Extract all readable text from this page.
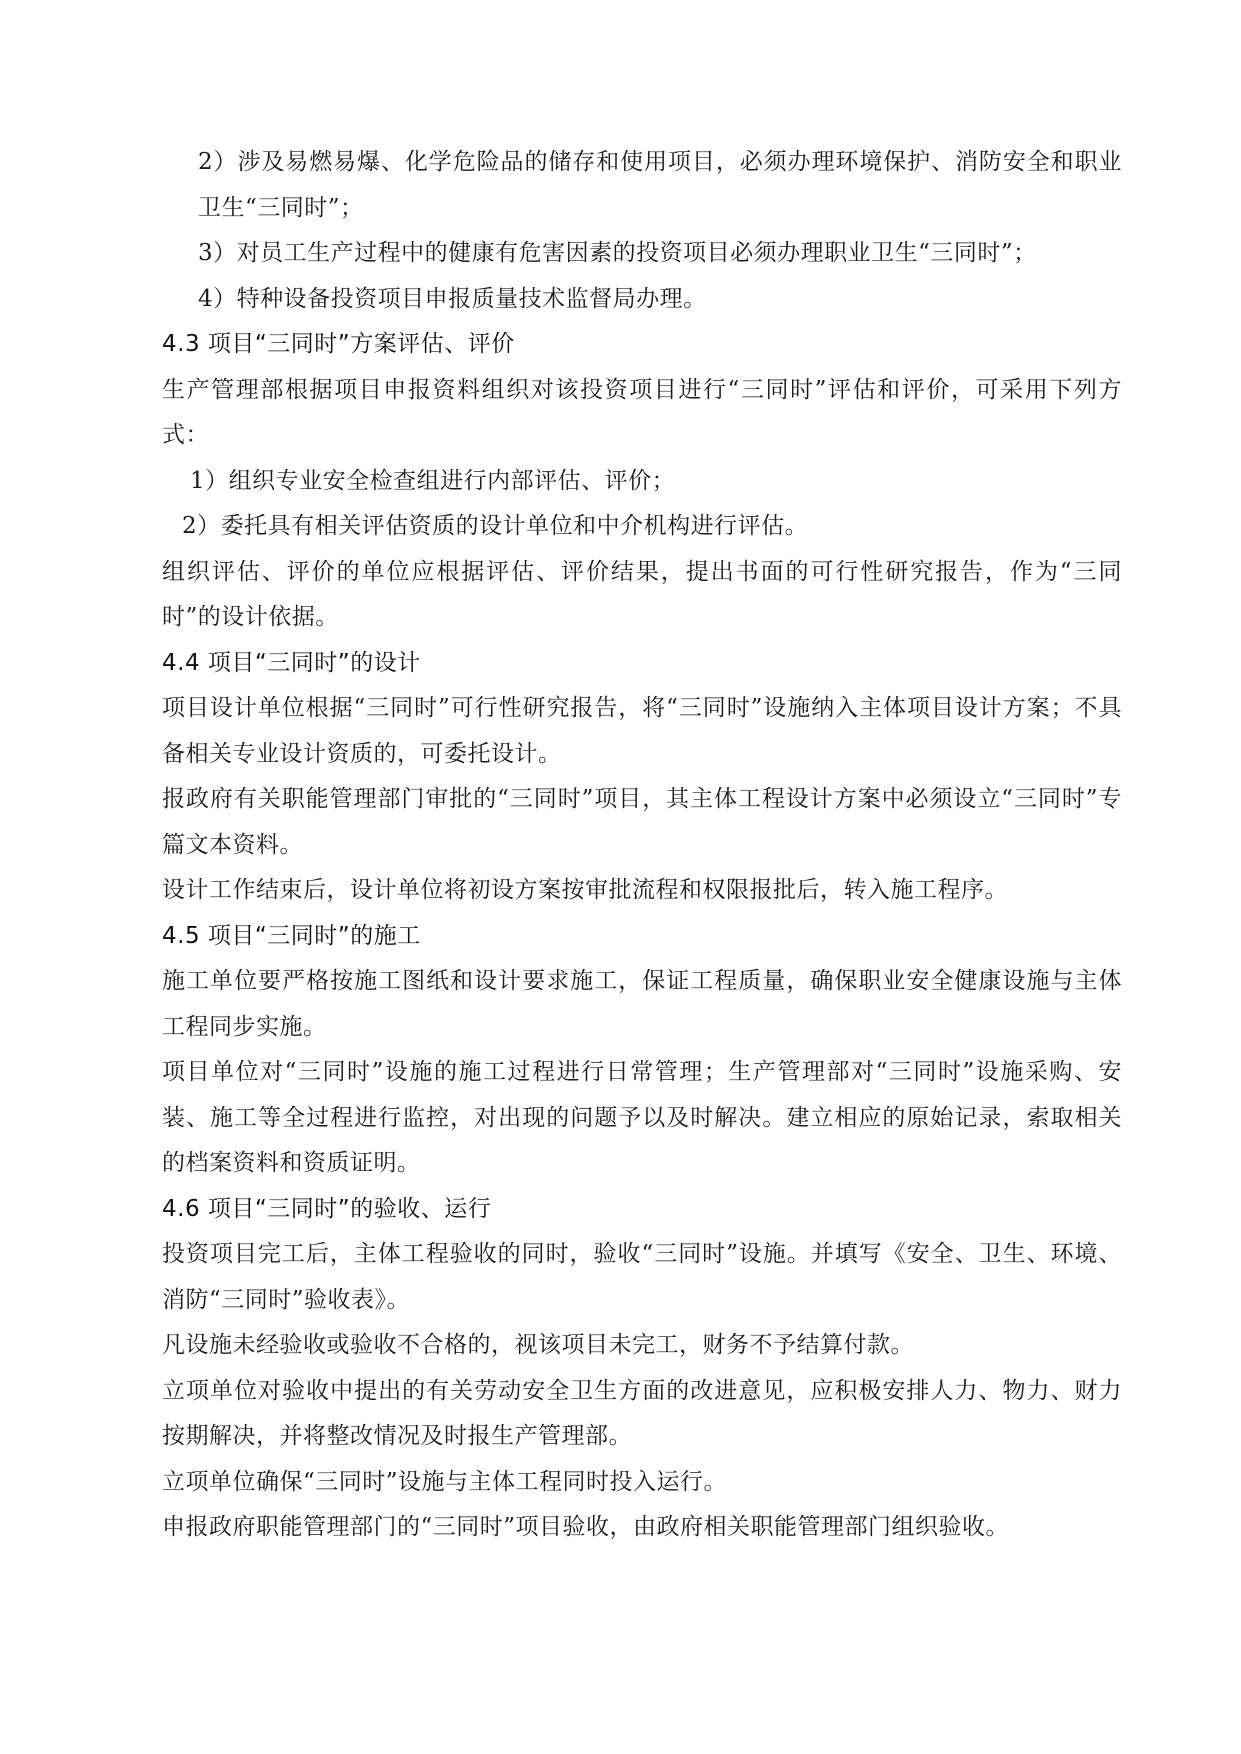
2）涉及易燃易爆、化学危险品的储存和使用项目，必须办理环境保护、消防安全和职业卫生“三同时”；

3）对员工生产过程中的健康有危害因素的投资项目必须办理职业卫生“三同时”；

4）特种设备投资项目申报质量技术监督局办理。

4.3 项目“三同时”方案评估、评价

生产管理部根据项目申报资料组织对该投资项目进行“三同时”评估和评价，可采用下列方式：

1）组织专业安全检查组进行内部评估、评价；

2）委托具有相关评估资质的设计单位和中介机构进行评估。

组织评估、评价的单位应根据评估、评价结果，提出书面的可行性研究报告，作为“三同时”的设计依据。

4.4 项目“三同时”的设计

项目设计单位根据“三同时”可行性研究报告，将“三同时”设施纳入主体项目设计方案；不具备相关专业设计资质的，可委托设计。

报政府有关职能管理部门审批的“三同时”项目，其主体工程设计方案中必须设立“三同时”专篇文本资料。

设计工作结束后，设计单位将初设方案按审批流程和权限报批后，转入施工程序。

4.5 项目“三同时”的施工

施工单位要严格按施工图纸和设计要求施工，保证工程质量，确保职业安全健康设施与主体工程同步实施。

项目单位对“三同时”设施的施工过程进行日常管理；生产管理部对“三同时”设施采购、安装、施工等全过程进行监控，对出现的问题予以及时解决。建立相应的原始记录，索取相关的档案资料和资质证明。

4.6 项目“三同时”的验收、运行

投资项目完工后，主体工程验收的同时，验收“三同时”设施。并填写《安全、卫生、环境、消防“三同时”验收表》。

凡设施未经验收或验收不合格的，视该项目未完工，财务不予结算付款。

立项单位对验收中提出的有关劳动安全卫生方面的改进意见，应积极安排人力、物力、财力按期解决，并将整改情况及时报生产管理部。

立项单位确保“三同时”设施与主体工程同时投入运行。

申报政府职能管理部门的“三同时”项目验收，由政府相关职能管理部门组织验收。
